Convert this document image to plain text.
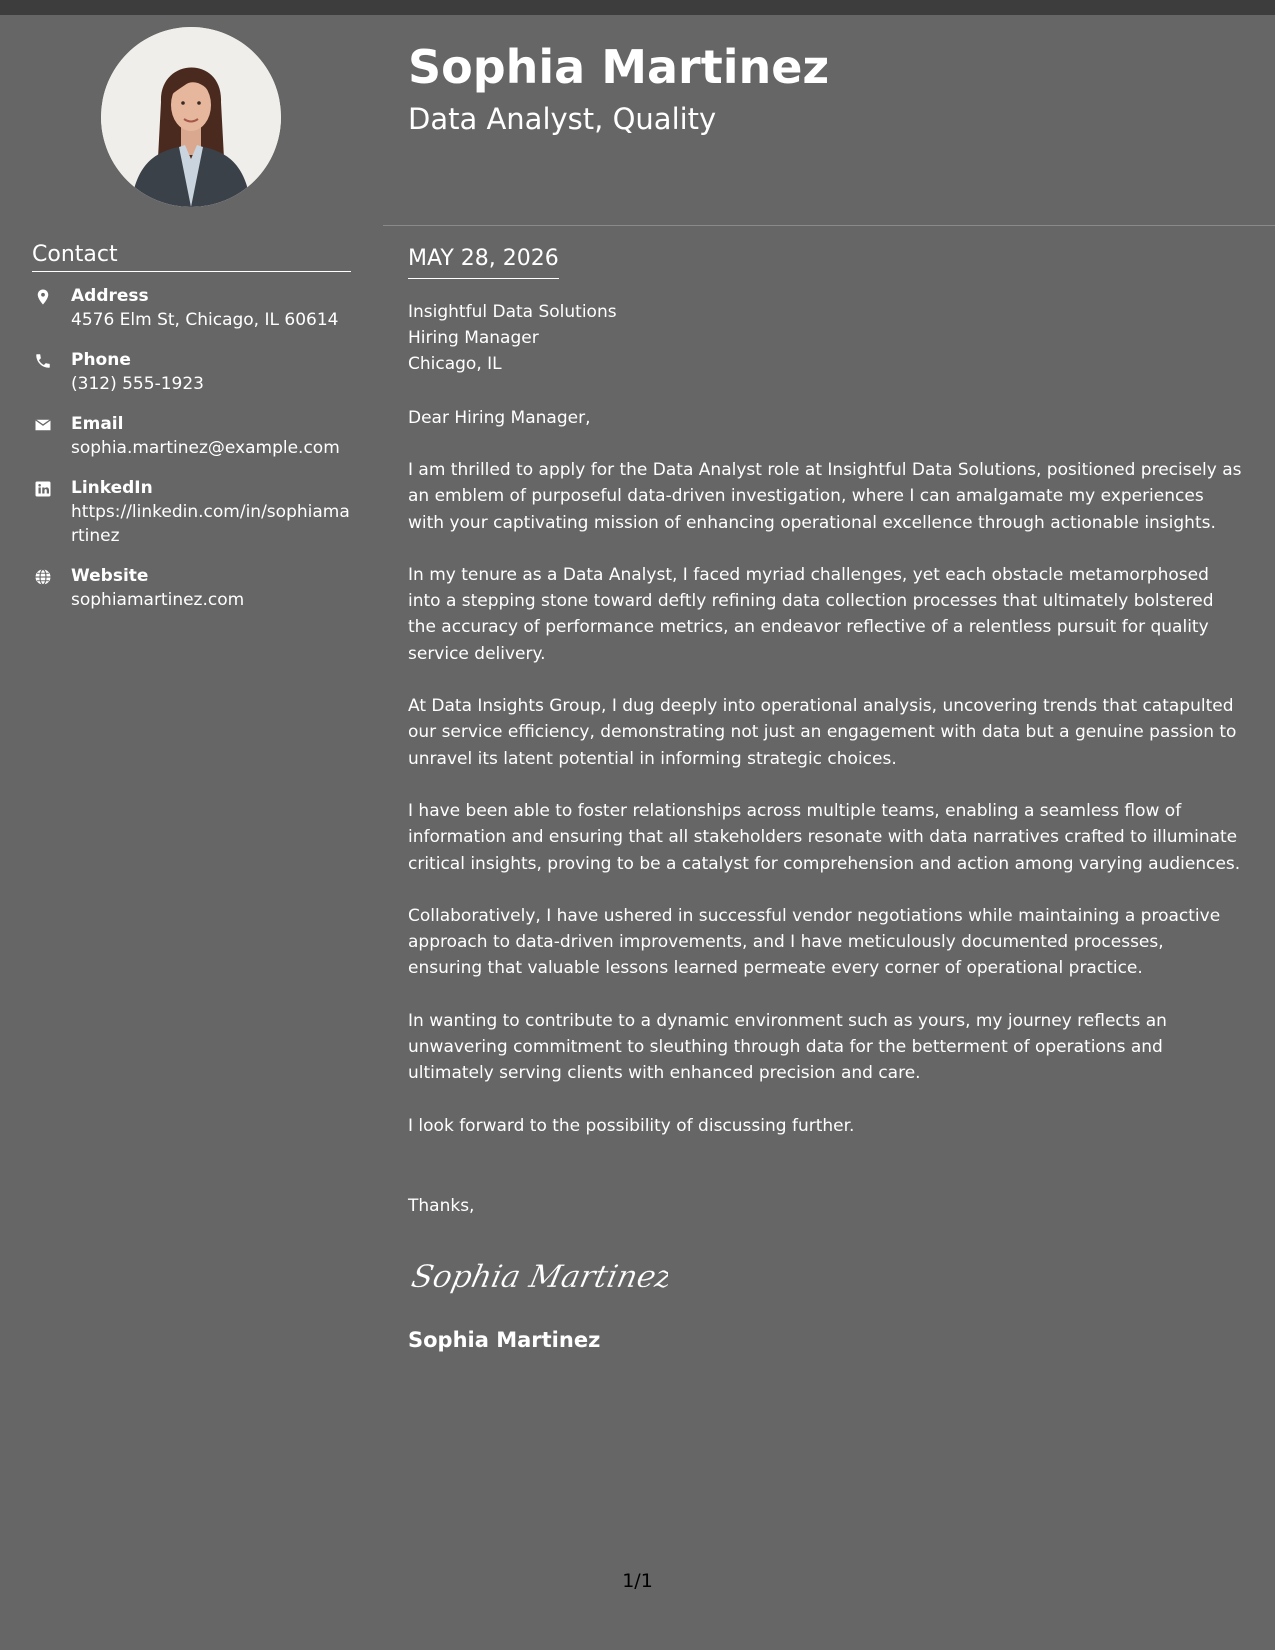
Sophia Martinez
Data Analyst, Quality
Contact
Address
4576 Elm St, Chicago, IL 60614
Phone
(312) 555-1923
Email
sophia.martinez@example.com
LinkedIn
https://linkedin.com/in/sophiamartinez
Website
sophiamartinez.com
MAY 28, 2026
Insightful Data Solutions
Hiring Manager
Chicago, IL
Dear Hiring Manager,
I am thrilled to apply for the Data Analyst role at Insightful Data Solutions, positioned precisely as an emblem of purposeful data-driven investigation, where I can amalgamate my experiences with your captivating mission of enhancing operational excellence through actionable insights.
In my tenure as a Data Analyst, I faced myriad challenges, yet each obstacle metamorphosed into a stepping stone toward deftly refining data collection processes that ultimately bolstered the accuracy of performance metrics, an endeavor reflective of a relentless pursuit for quality service delivery.
At Data Insights Group, I dug deeply into operational analysis, uncovering trends that catapulted our service efficiency, demonstrating not just an engagement with data but a genuine passion to unravel its latent potential in informing strategic choices.
I have been able to foster relationships across multiple teams, enabling a seamless flow of information and ensuring that all stakeholders resonate with data narratives crafted to illuminate critical insights, proving to be a catalyst for comprehension and action among varying audiences.
Collaboratively, I have ushered in successful vendor negotiations while maintaining a proactive approach to data-driven improvements, and I have meticulously documented processes, ensuring that valuable lessons learned permeate every corner of operational practice.
In wanting to contribute to a dynamic environment such as yours, my journey reflects an unwavering commitment to sleuthing through data for the betterment of operations and ultimately serving clients with enhanced precision and care.
I look forward to the possibility of discussing further.
Thanks,
Sophia Martinez
Sophia Martinez
1/1
